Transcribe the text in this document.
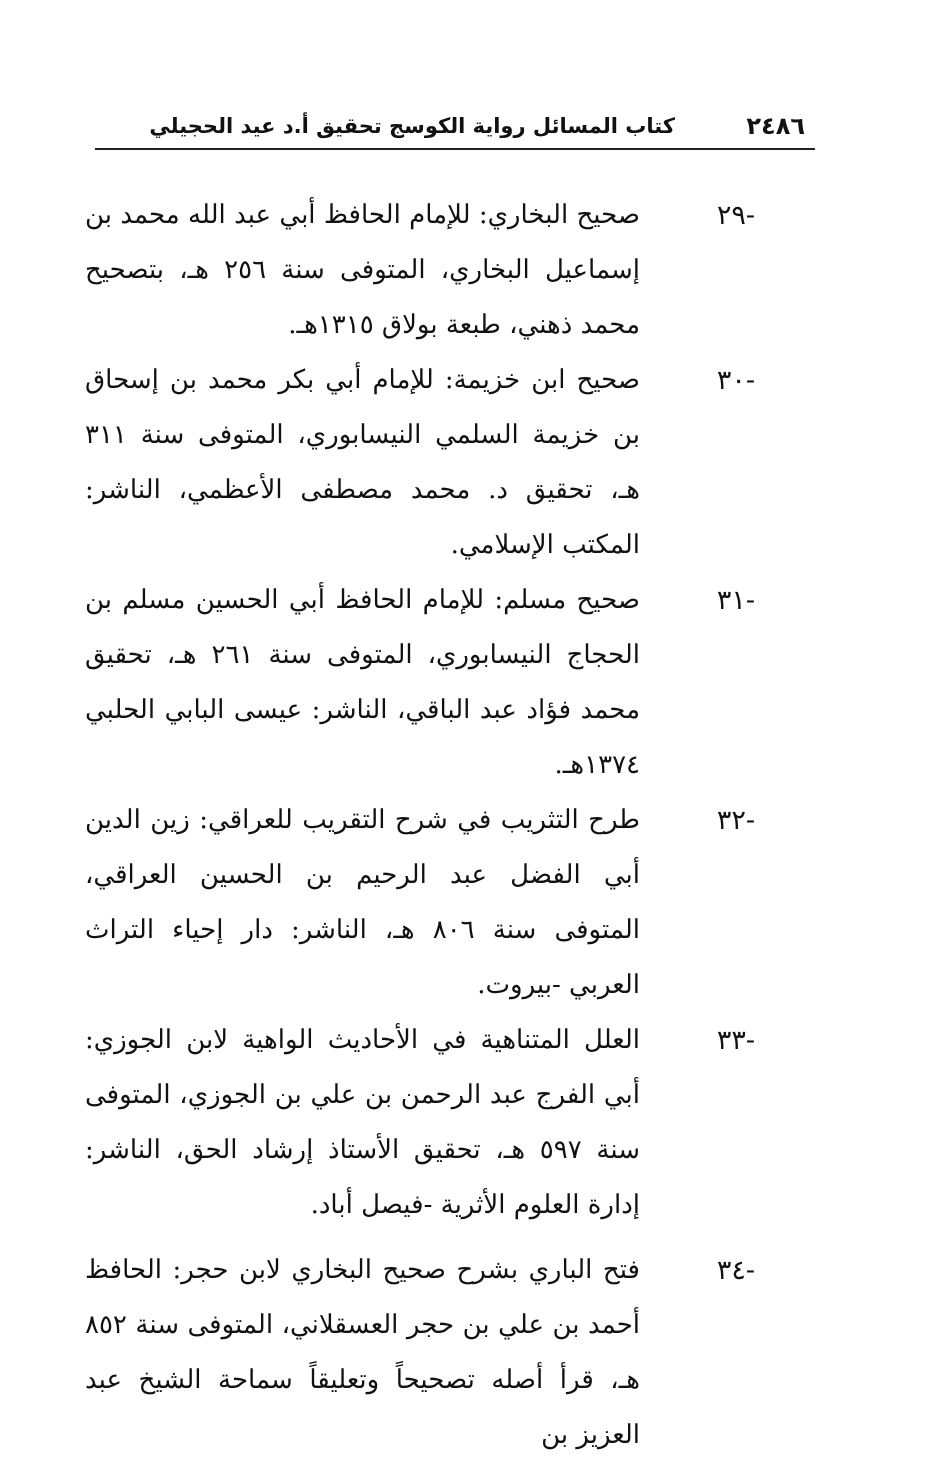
٢٤٨٦
كتاب المسائل رواية الكوسج تحقيق أ.د عيد الحجيلي
-٢٩
صحيح البخاري: للإمام الحافظ أبي عبد الله محمد بن إسماعيل البخاري، المتوفى سنة ٢٥٦ هـ، بتصحيح محمد ذهني، طبعة بولاق ١٣١٥هـ.
-٣٠
صحيح ابن خزيمة: للإمام أبي بكر محمد بن إسحاق بن خزيمة السلمي النيسابوري، المتوفى سنة ٣١١ هـ، تحقيق د. محمد مصطفى الأعظمي، الناشر: المكتب الإسلامي.
-٣١
صحيح مسلم: للإمام الحافظ أبي الحسين مسلم بن الحجاج النيسابوري، المتوفى سنة ٢٦١ هـ، تحقيق محمد فؤاد عبد الباقي، الناشر: عيسى البابي الحلبي ١٣٧٤هـ.
-٣٢
طرح التثريب في شرح التقريب للعراقي: زين الدين أبي الفضل عبد الرحيم بن الحسين العراقي، المتوفى سنة ٨٠٦ هـ، الناشر: دار إحياء التراث العربي -بيروت.
-٣٣
العلل المتناهية في الأحاديث الواهية لابن الجوزي: أبي الفرج عبد الرحمن بن علي بن الجوزي، المتوفى سنة ٥٩٧ هـ، تحقيق الأستاذ إرشاد الحق، الناشر: إدارة العلوم الأثرية -فيصل أباد.
-٣٤
فتح الباري بشرح صحيح البخاري لابن حجر: الحافظ أحمد بن علي بن حجر العسقلاني، المتوفى سنة ٨٥٢ هـ، قرأ أصله تصحيحاً وتعليقاً سماحة الشيخ عبد العزيز بن
